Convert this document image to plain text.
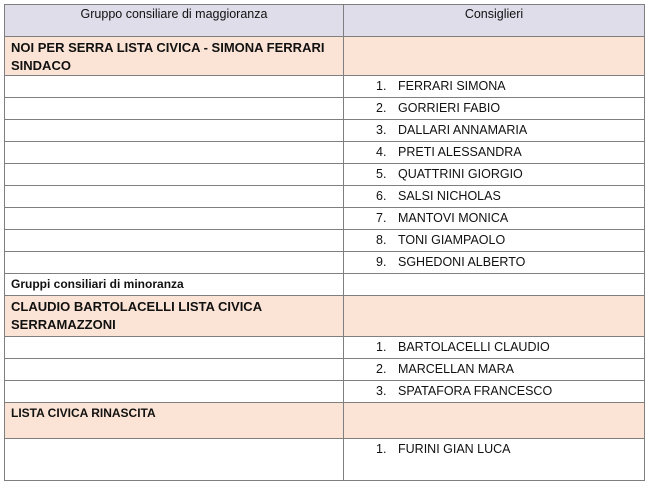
Gruppo consiliare di maggioranza	Consiglieri
NOI PER SERRA LISTA CIVICA - SIMONA FERRARI SINDACO	
	1. FERRARI SIMONA
	2. GORRIERI FABIO
	3. DALLARI ANNAMARIA
	4. PRETI ALESSANDRA
	5. QUATTRINI GIORGIO
	6. SALSI NICHOLAS
	7. MANTOVI MONICA
	8. TONI GIAMPAOLO
	9. SGHEDONI ALBERTO
Gruppi consiliari di minoranza	
CLAUDIO BARTOLACELLI LISTA CIVICA SERRAMAZZONI	
	1. BARTOLACELLI CLAUDIO
	2. MARCELLAN MARA
	3. SPATAFORA FRANCESCO
LISTA CIVICA RINASCITA	
	1. FURINI GIAN LUCA
